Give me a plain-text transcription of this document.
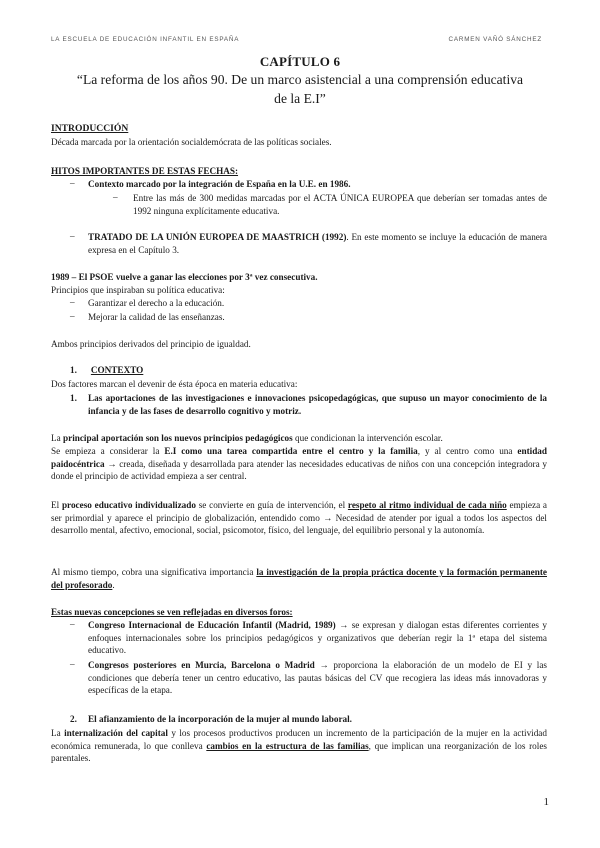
LA ESCUELA DE EDUCACIÓN INFANTIL EN ESPAÑA	CARMEN VAÑÓ SÁNCHEZ
CAPÍTULO 6
“La reforma de los años 90. De un marco asistencial a una comprensión educativa de la E.I”

INTRODUCCIÓN

Década marcada por la orientación socialdemócrata de las políticas sociales.

HITOS IMPORTANTES DE ESTAS FECHAS:

– Contexto marcado por la integración de España en la U.E. en 1986.
– Entre las más de 300 medidas marcadas por el ACTA ÚNICA EUROPEA que deberían ser tomadas antes de 1992 ninguna explícitamente educativa.
– TRATADO DE LA UNIÓN EUROPEA DE MAASTRICH (1992). En este momento se incluye la educación de manera expresa en el Capítulo 3.

1989 – El PSOE vuelve a ganar las elecciones por 3ª vez consecutiva.

Principios que inspiraban su política educativa:

– Garantizar el derecho a la educación.
– Mejorar la calidad de las enseñanzas.
Ambos principios derivados del principio de igualdad.
1. CONTEXTO
Dos factores marcan el devenir de ésta época en materia educativa:
1.	Las aportaciones de las investigaciones e innovaciones psicopedagógicas, que supuso un mayor conocimiento de la infancia y de las fases de desarrollo cognitivo y motriz.
La principal aportación son los nuevos principios pedagógicos que condicionan la intervención escolar.
Se empieza a considerar la E.I como una tarea compartida entre el centro y la familia, y al centro como una entidad paidocéntrica → creada, diseñada y desarrollada para atender las necesidades educativas de niños con una concepción integradora y donde el principio de actividad empieza a ser central.
El proceso educativo individualizado se convierte en guía de intervención, el respeto al ritmo individual de cada niño empieza a ser primordial y aparece el principio de globalización, entendido como → Necesidad de atender por igual a todos los aspectos del desarrollo mental, afectivo, emocional, social, psicomotor, físico, del lenguaje, del equilibrio personal y la autonomía.
Al mismo tiempo, cobra una significativa importancia la investigación de la propia práctica docente y la formación permanente del profesorado.

Estas nuevas concepciones se ven reflejadas en diversos foros:

– Congreso Internacional de Educación Infantil (Madrid, 1989) → se expresan y dialogan estas diferentes corrientes y enfoques internacionales sobre los principios pedagógicos y organizativos que deberían regir la 1ª etapa del sistema educativo.
– Congresos posteriores en Murcia, Barcelona o Madrid → proporciona la elaboración de un modelo de EI y las condiciones que debería tener un centro educativo, las pautas básicas del CV que recogiera las ideas más innovadoras y específicas de la etapa.
2.	El afianzamiento de la incorporación de la mujer al mundo laboral.
La internalización del capital y los procesos productivos producen un incremento de la participación de la mujer en la actividad económica remunerada, lo que conlleva cambios en la estructura de las familias, que implican una reorganización de los roles parentales.
1
